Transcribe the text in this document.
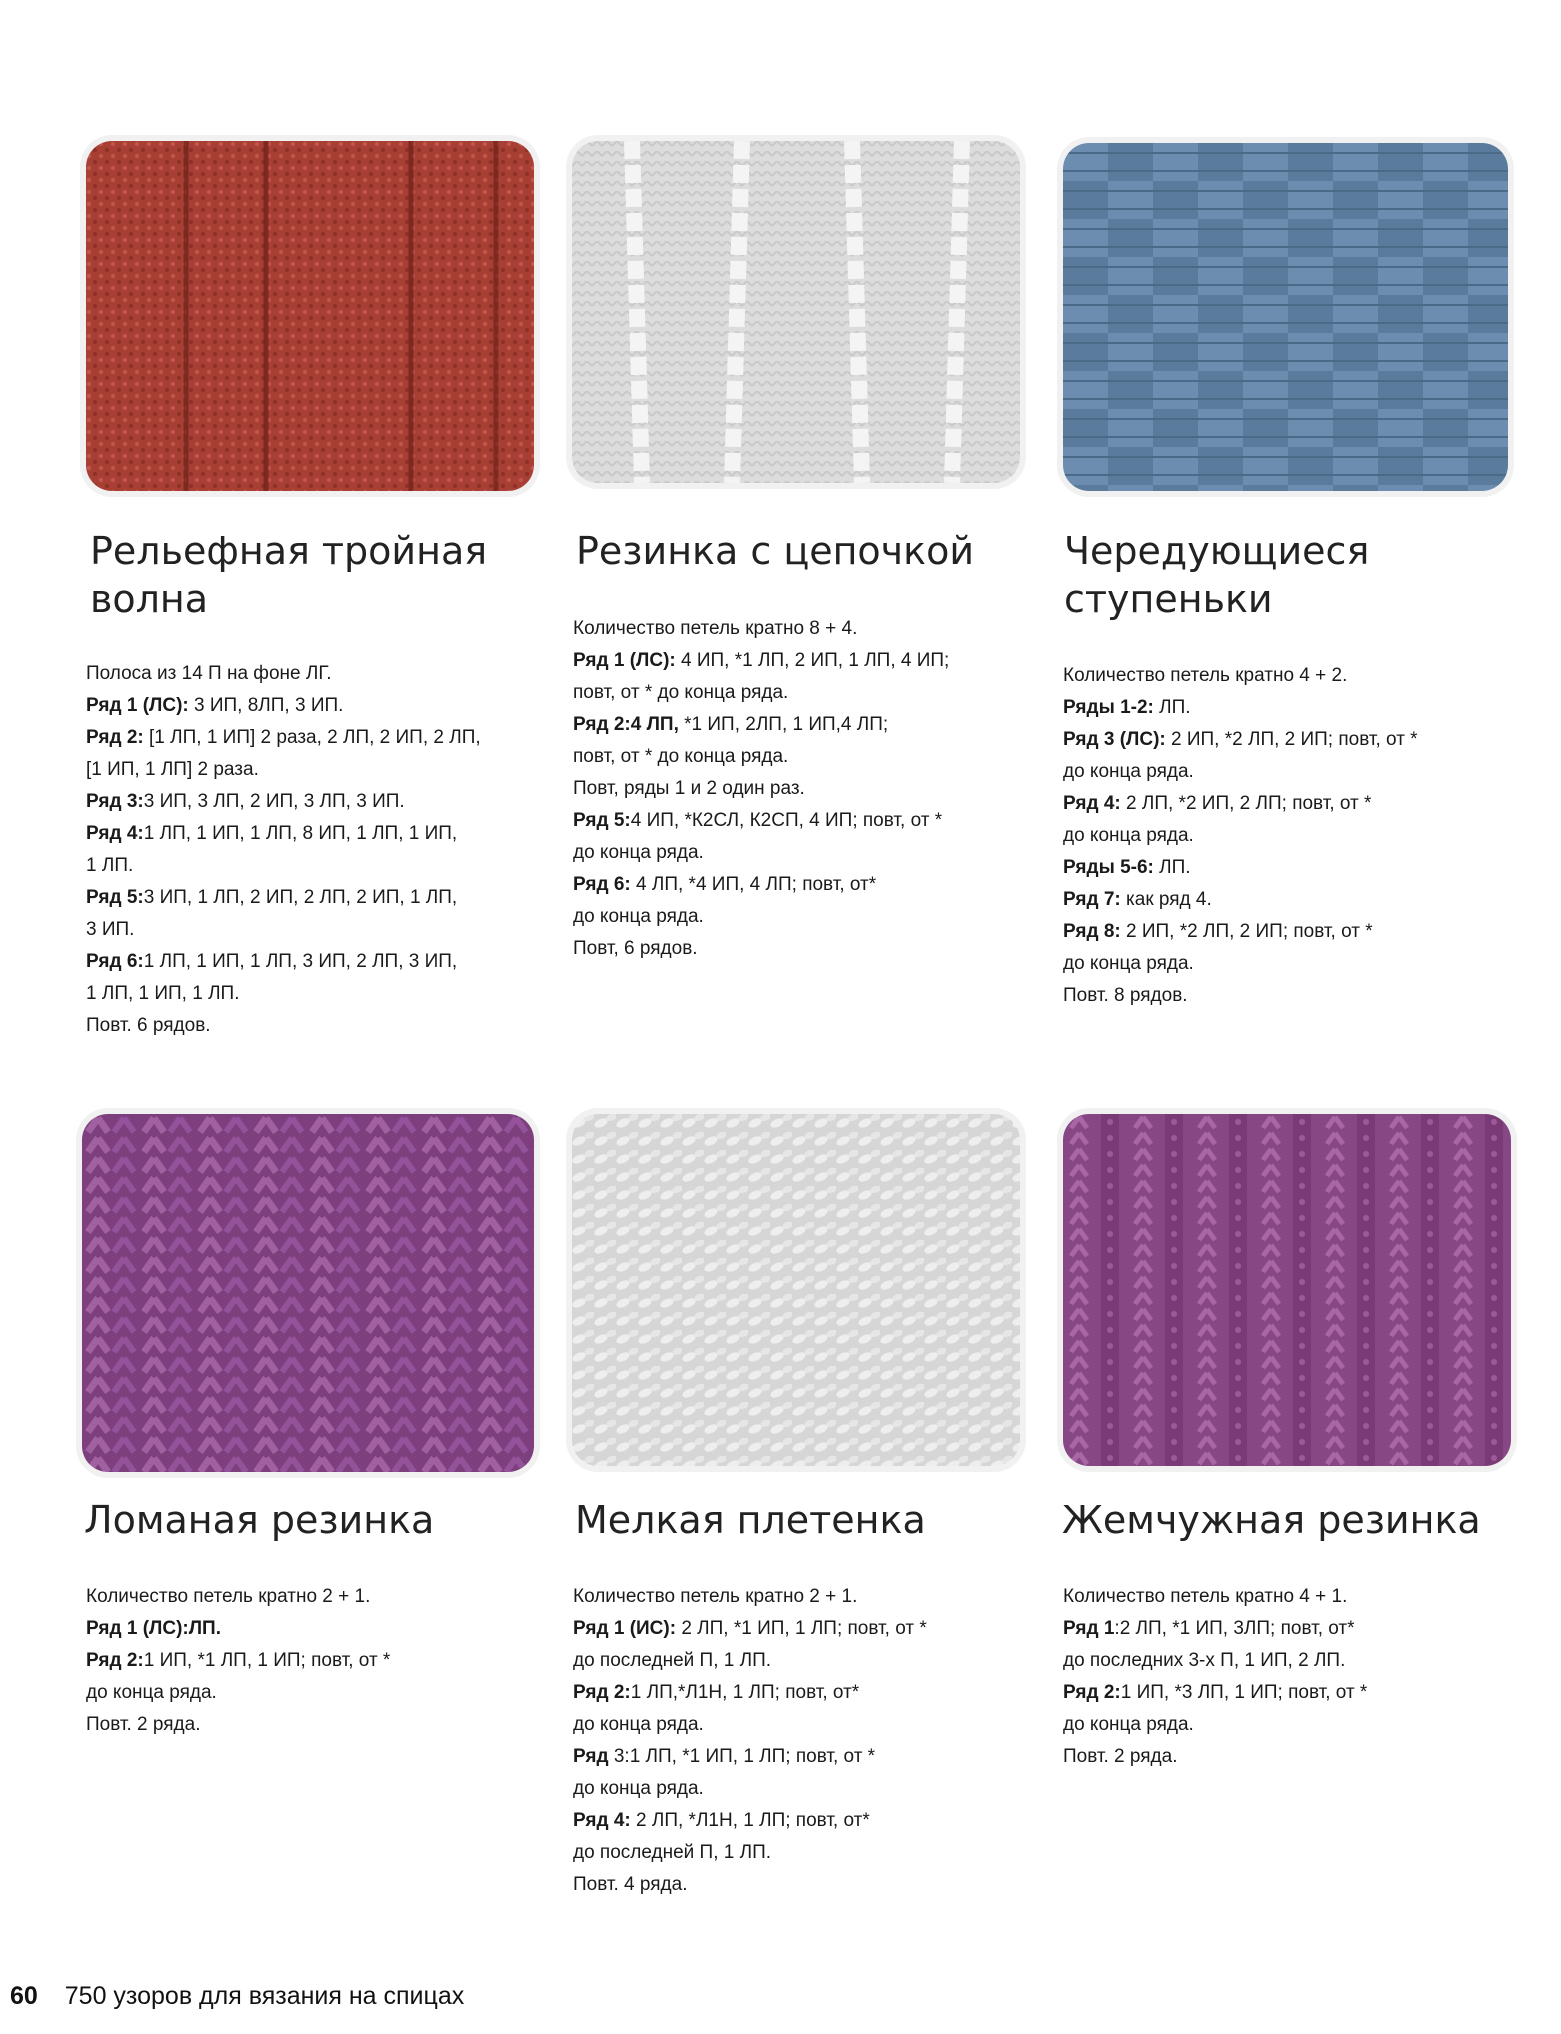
Рельефная тройная
волна
Полоса из 14 П на фоне ЛГ.
Ряд 1 (ЛС): 3 ИП, 8ЛП, 3 ИП.
Ряд 2: [1 ЛП, 1 ИП] 2 раза, 2 ЛП, 2 ИП, 2 ЛП,
[1 ИП, 1 ЛП] 2 раза.
Ряд 3:3 ИП, 3 ЛП, 2 ИП, 3 ЛП, 3 ИП.
Ряд 4:1 ЛП, 1 ИП, 1 ЛП, 8 ИП, 1 ЛП, 1 ИП,
1 ЛП.
Ряд 5:3 ИП, 1 ЛП, 2 ИП, 2 ЛП, 2 ИП, 1 ЛП,
3 ИП.
Ряд 6:1 ЛП, 1 ИП, 1 ЛП, 3 ИП, 2 ЛП, 3 ИП,
1 ЛП, 1 ИП, 1 ЛП.
Повт. 6 рядов.
Резинка с цепочкой
Количество петель кратно 8 + 4.
Ряд 1 (ЛС): 4 ИП, *1 ЛП, 2 ИП, 1 ЛП, 4 ИП;
повт, от * до конца ряда.
Ряд 2:4 ЛП, *1 ИП, 2ЛП, 1 ИП,4 ЛП;
повт, от * до конца ряда.
Повт, ряды 1 и 2 один раз.
Ряд 5:4 ИП, *К2СЛ, К2СП, 4 ИП; повт, от *
до конца ряда.
Ряд 6: 4 ЛП, *4 ИП, 4 ЛП; повт, от*
до конца ряда.
Повт, 6 рядов.
Чередующиеся
ступеньки
Количество петель кратно 4 + 2.
Ряды 1-2: ЛП.
Ряд 3 (ЛС): 2 ИП, *2 ЛП, 2 ИП; повт, от *
до конца ряда.
Ряд 4: 2 ЛП, *2 ИП, 2 ЛП; повт, от *
до конца ряда.
Ряды 5-6: ЛП.
Ряд 7: как ряд 4.
Ряд 8: 2 ИП, *2 ЛП, 2 ИП; повт, от *
до конца ряда.
Повт. 8 рядов.
Ломаная резинка
Количество петель кратно 2 + 1.
Ряд 1 (ЛС):ЛП.
Ряд 2:1 ИП, *1 ЛП, 1 ИП; повт, от *
до конца ряда.
Повт. 2 ряда.
Мелкая плетенка
Количество петель кратно 2 + 1.
Ряд 1 (ИС): 2 ЛП, *1 ИП, 1 ЛП; повт, от *
до последней П, 1 ЛП.
Ряд 2:1 ЛП,*Л1Н, 1 ЛП; повт, от*
до конца ряда.
Ряд 3:1 ЛП, *1 ИП, 1 ЛП; повт, от *
до конца ряда.
Ряд 4: 2 ЛП, *Л1Н, 1 ЛП; повт, от*
до последней П, 1 ЛП.
Повт. 4 ряда.
Жемчужная резинка
Количество петель кратно 4 + 1.
Ряд 1:2 ЛП, *1 ИП, 3ЛП; повт, от*
до последних 3-х П, 1 ИП, 2 ЛП.
Ряд 2:1 ИП, *3 ЛП, 1 ИП; повт, от *
до конца ряда.
Повт. 2 ряда.
60 750 узоров для вязания на спицах
